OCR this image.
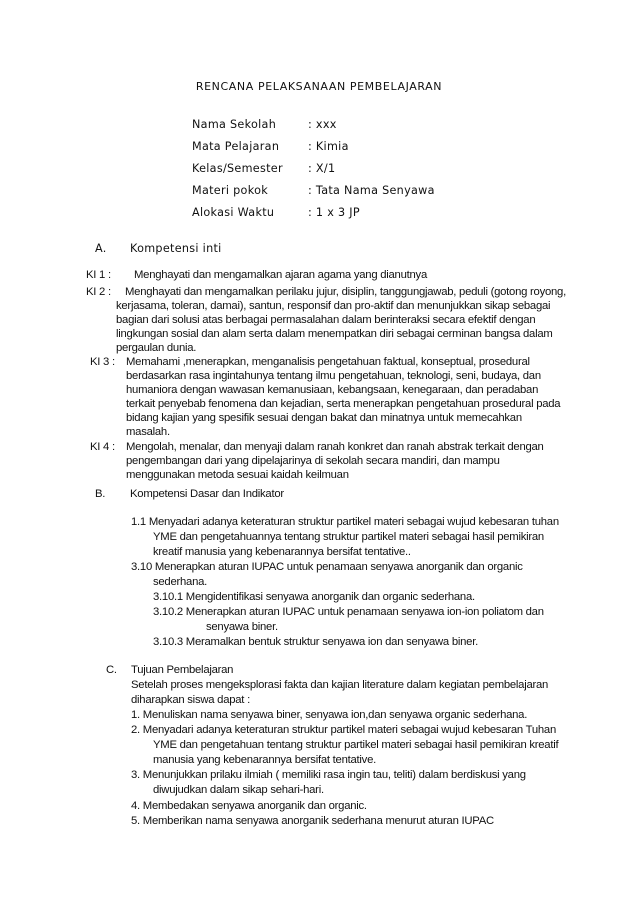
RENCANA PELAKSANAAN PEMBELAJARAN
Nama Sekolah	: xxx
Mata Pelajaran	: Kimia
Kelas/Semester : X/1
Materi pokok	: Tata Nama Senyawa
Alokasi Waktu	: 1 x 3 JP
A. Kompetensi inti
KI 1 : Menghayati dan mengamalkan ajaran agama yang dianutnya
KI 2 : Menghayati dan mengamalkan perilaku jujur, disiplin, tanggungjawab, peduli (gotong royong,
kerjasama, toleran, damai), santun, responsif dan pro-aktif dan menunjukkan sikap sebagai
bagian dari solusi atas berbagai permasalahan dalam berinteraksi secara efektif dengan
lingkungan sosial dan alam serta dalam menempatkan diri sebagai cerminan bangsa dalam
pergaulan dunia.
KI 3 : Memahami ,menerapkan, menganalisis pengetahuan faktual, konseptual, prosedural
berdasarkan rasa ingintahunya tentang ilmu pengetahuan, teknologi, seni, budaya, dan
humaniora dengan wawasan kemanusiaan, kebangsaan, kenegaraan, dan peradaban
terkait penyebab fenomena dan kejadian, serta menerapkan pengetahuan prosedural pada
bidang kajian yang spesifik sesuai dengan bakat dan minatnya untuk memecahkan
masalah.
KI 4 : Mengolah, menalar, dan menyaji dalam ranah konkret dan ranah abstrak terkait dengan
pengembangan dari yang dipelajarinya di sekolah secara mandiri, dan mampu
menggunakan metoda sesuai kaidah keilmuan
B. Kompetensi Dasar dan Indikator
1.1 Menyadari adanya keteraturan struktur partikel materi sebagai wujud kebesaran tuhan
YME dan pengetahuannya tentang struktur partikel materi sebagai hasil pemikiran
kreatif manusia yang kebenarannya bersifat tentative..
3.10 Menerapkan aturan IUPAC untuk penamaan senyawa anorganik dan organic
sederhana.
3.10.1 Mengidentifikasi senyawa anorganik dan organic sederhana.
3.10.2 Menerapkan aturan IUPAC untuk penamaan senyawa ion-ion poliatom dan
senyawa biner.
3.10.3 Meramalkan bentuk struktur senyawa ion dan senyawa biner.
C. Tujuan Pembelajaran
Setelah proses mengeksplorasi fakta dan kajian literature dalam kegiatan pembelajaran
diharapkan siswa dapat :
1. Menuliskan nama senyawa biner, senyawa ion,dan senyawa organic sederhana.
2. Menyadari adanya keteraturan struktur partikel materi sebagai wujud kebesaran Tuhan
YME dan pengetahuan tentang struktur partikel materi sebagai hasil pemikiran kreatif
manusia yang kebenarannya bersifat tentative.
3. Menunjukkan prilaku ilmiah ( memiliki rasa ingin tau, teliti) dalam berdiskusi yang
diwujudkan dalam sikap sehari-hari.
4. Membedakan senyawa anorganik dan organic.
5. Memberikan nama senyawa anorganik sederhana menurut aturan IUPAC
